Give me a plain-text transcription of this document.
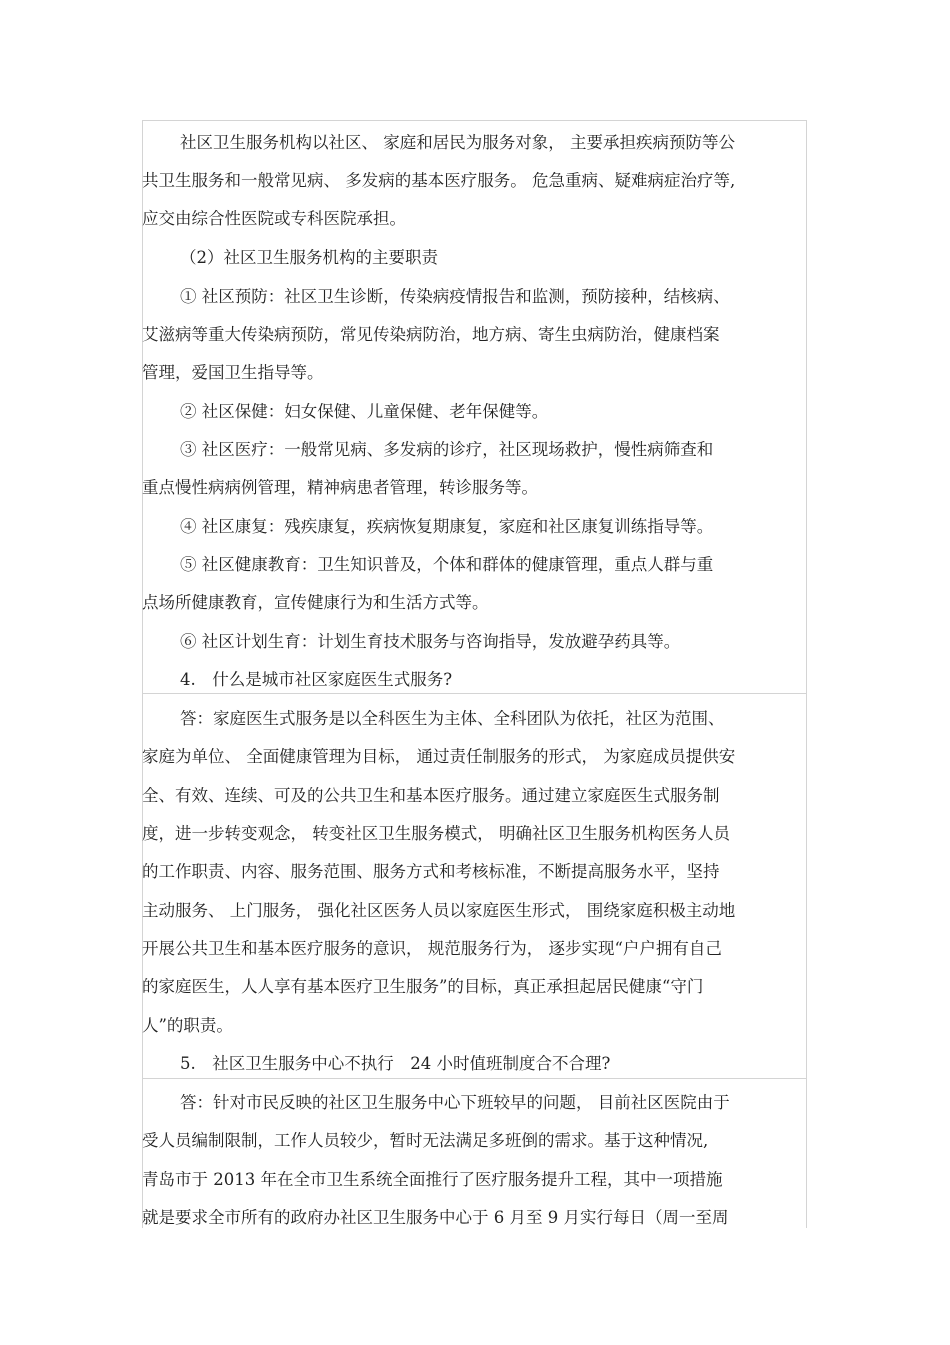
社区卫生服务机构以社区、 家庭和居民为服务对象， 主要承担疾病预防等公
共卫生服务和一般常见病、 多发病的基本医疗服务。 危急重病、疑难病症治疗等,
应交由综合性医院或专科医院承担。
（2）社区卫生服务机构的主要职责
① 社区预防：社区卫生诊断，传染病疫情报告和监测，预防接种，结核病、
艾滋病等重大传染病预防，常见传染病防治，地方病、寄生虫病防治，健康档案
管理，爱国卫生指导等。
② 社区保健：妇女保健、儿童保健、老年保健等。
③ 社区医疗：一般常见病、多发病的诊疗，社区现场救护，慢性病筛查和
重点慢性病病例管理，精神病患者管理，转诊服务等。
④ 社区康复：残疾康复，疾病恢复期康复，家庭和社区康复训练指导等。
⑤ 社区健康教育：卫生知识普及，个体和群体的健康管理，重点人群与重
点场所健康教育，宣传健康行为和生活方式等。
⑥ 社区计划生育：计划生育技术服务与咨询指导，发放避孕药具等。
4.　什么是城市社区家庭医生式服务?
答：家庭医生式服务是以全科医生为主体、全科团队为依托，社区为范围、
家庭为单位、 全面健康管理为目标， 通过责任制服务的形式， 为家庭成员提供安
全、有效、连续、可及的公共卫生和基本医疗服务。通过建立家庭医生式服务制
度，进一步转变观念， 转变社区卫生服务模式， 明确社区卫生服务机构医务人员
的工作职责、内容、服务范围、服务方式和考核标准，不断提高服务水平，坚持
主动服务、 上门服务， 强化社区医务人员以家庭医生形式， 围绕家庭积极主动地
开展公共卫生和基本医疗服务的意识， 规范服务行为， 逐步实现“户户拥有自己
的家庭医生，人人享有基本医疗卫生服务”的目标，真正承担起居民健康“守门
人”的职责。
5.　社区卫生服务中心不执行　24 小时值班制度合不合理?
答：针对市民反映的社区卫生服务中心下班较早的问题， 目前社区医院由于
受人员编制限制，工作人员较少，暂时无法满足多班倒的需求。基于这种情况,
青岛市于 2013 年在全市卫生系统全面推行了医疗服务提升工程，其中一项措施
就是要求全市所有的政府办社区卫生服务中心于 6 月至 9 月实行每日（周一至周
